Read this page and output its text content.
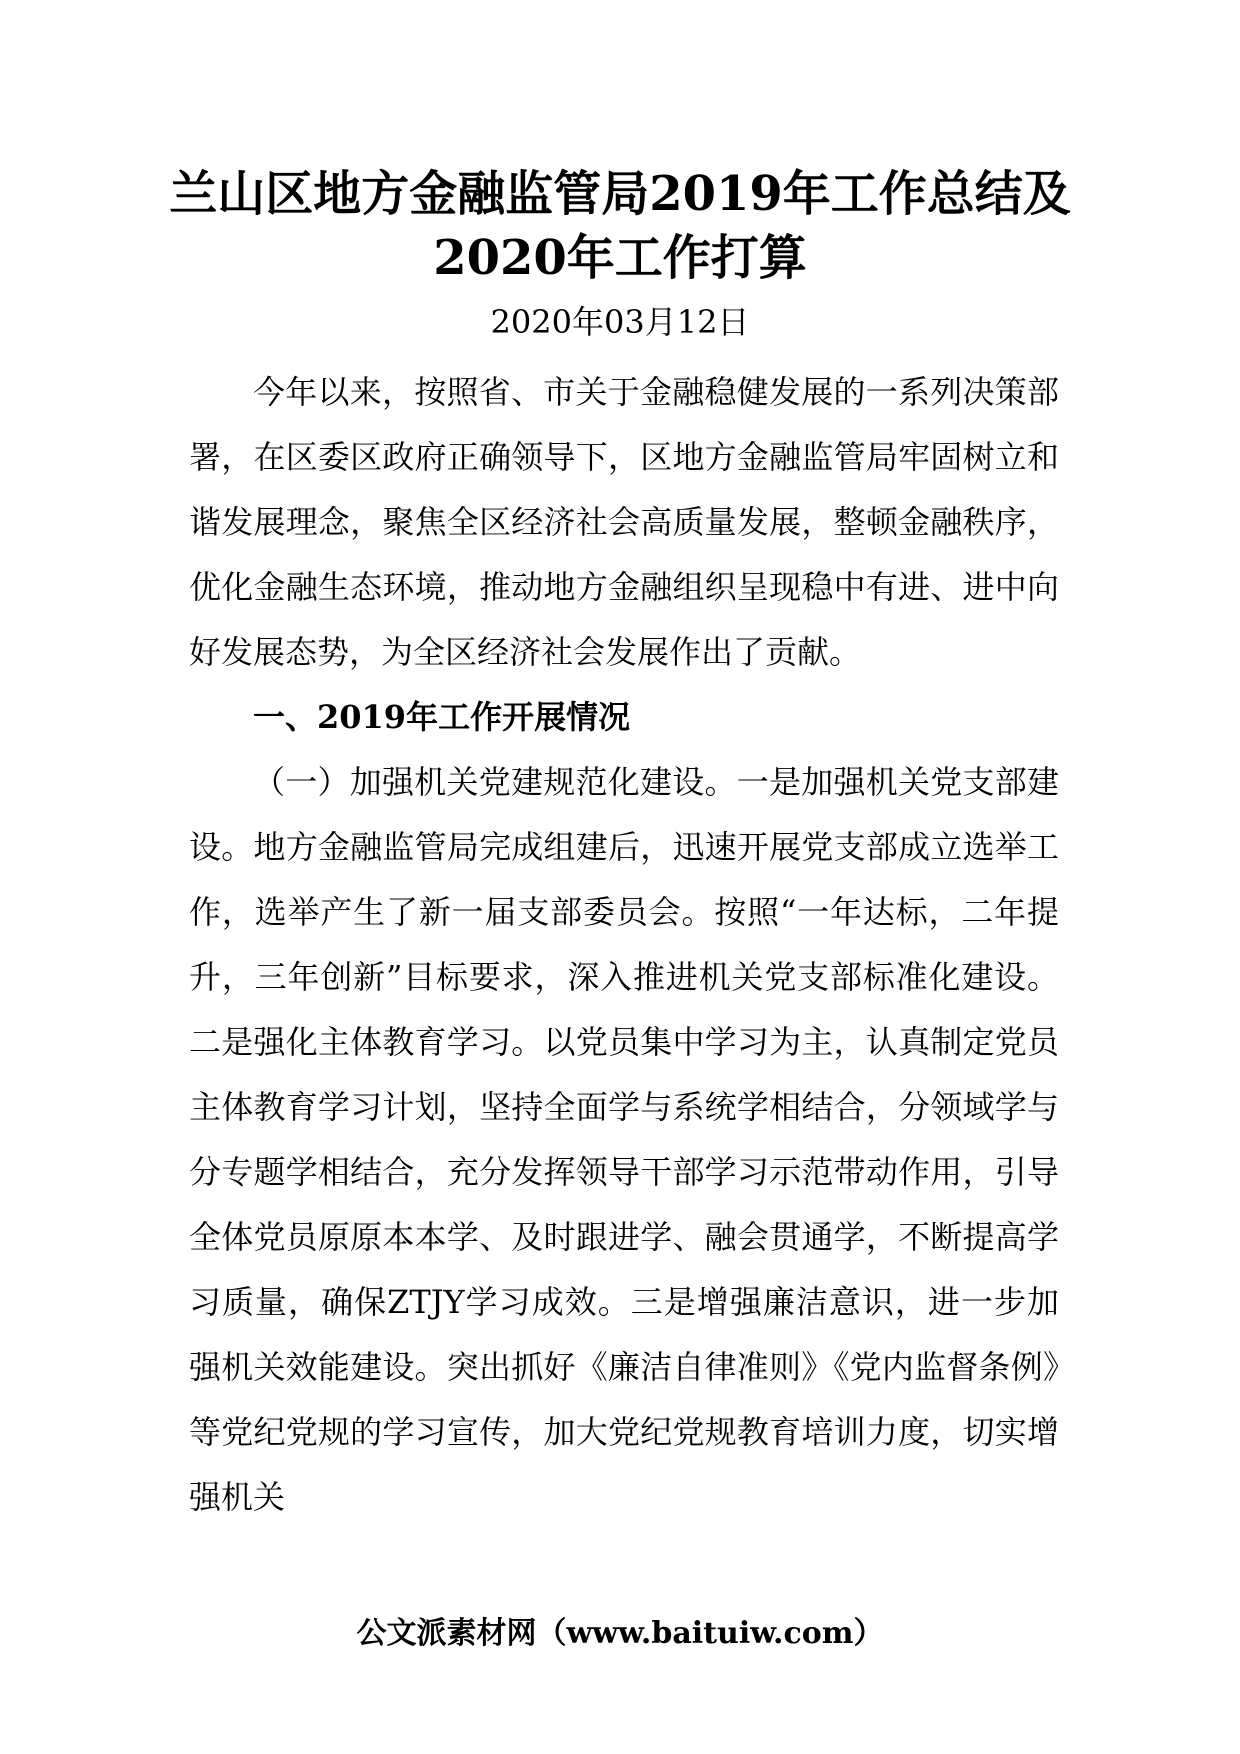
兰山区地方金融监管局2019年工作总结及
2020年工作打算
2020年03月12日

今年以来，按照省、市关于金融稳健发展的一系列决策部署，在区委区政府正确领导下，区地方金融监管局牢固树立和谐发展理念，聚焦全区经济社会高质量发展，整顿金融秩序，优化金融生态环境，推动地方金融组织呈现稳中有进、进中向好发展态势，为全区经济社会发展作出了贡献。

一、2019年工作开展情况

（一）加强机关党建规范化建设。一是加强机关党支部建设。地方金融监管局完成组建后，迅速开展党支部成立选举工作，选举产生了新一届支部委员会。按照“一年达标，二年提升，三年创新”目标要求，深入推进机关党支部标准化建设。二是强化主体教育学习。以党员集中学习为主，认真制定党员主体教育学习计划，坚持全面学与系统学相结合，分领域学与分专题学相结合，充分发挥领导干部学习示范带动作用，引导全体党员原原本本学、及时跟进学、融会贯通学，不断提高学习质量，确保ZTJY学习成效。三是增强廉洁意识，进一步加强机关效能建设。突出抓好《廉洁自律准则》《党内监督条例》等党纪党规的学习宣传，加大党纪党规教育培训力度，切实增强机关

公文派素材网（www.baituiw.com）
